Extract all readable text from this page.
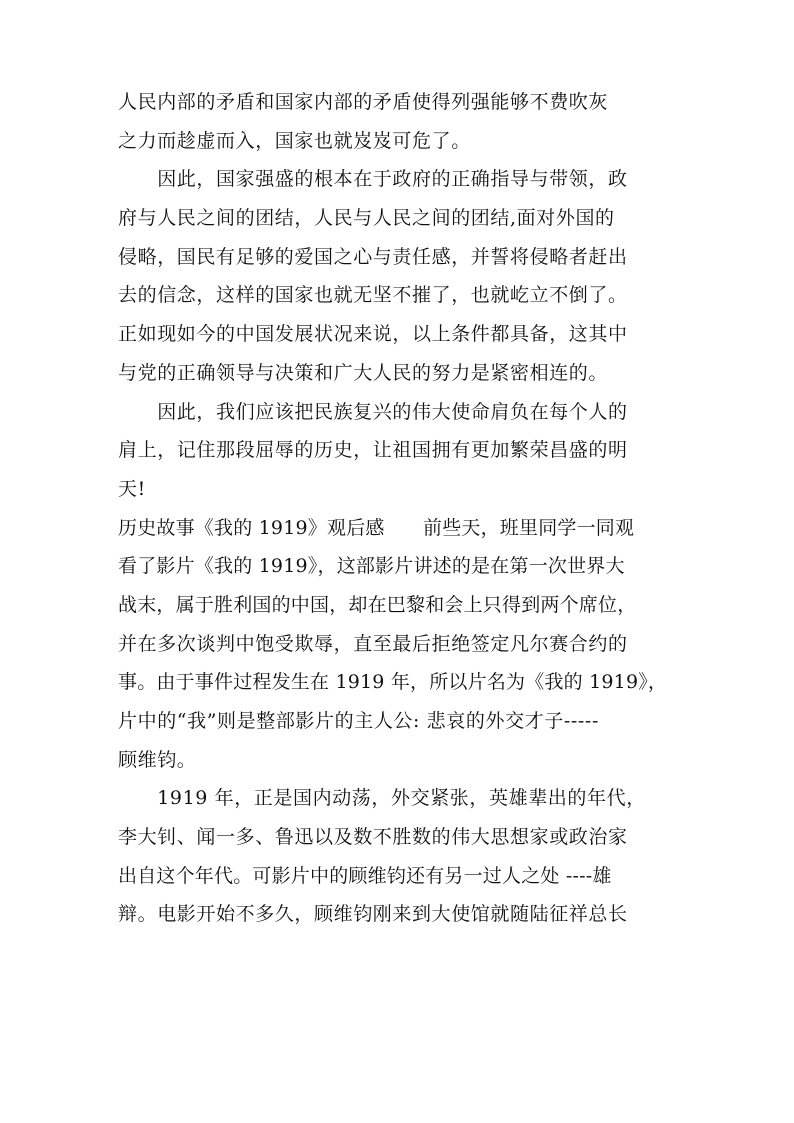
人民内部的矛盾和国家内部的矛盾使得列强能够不费吹灰
之力而趁虚而入，国家也就岌岌可危了。
　　因此，国家强盛的根本在于政府的正确指导与带领，政
府与人民之间的团结，人民与人民之间的团结,面对外国的
侵略，国民有足够的爱国之心与责任感，并誓将侵略者赶出
去的信念，这样的国家也就无坚不摧了，也就屹立不倒了。
正如现如今的中国发展状况来说，以上条件都具备，这其中
与党的正确领导与决策和广大人民的努力是紧密相连的。
　　因此，我们应该把民族复兴的伟大使命肩负在每个人的
肩上，记住那段屈辱的历史，让祖国拥有更加繁荣昌盛的明
天!
历史故事《我的 1919》观后感　　前些天，班里同学一同观
看了影片《我的 1919》，这部影片讲述的是在第一次世界大
战末，属于胜利国的中国，却在巴黎和会上只得到两个席位，
并在多次谈判中饱受欺辱，直至最后拒绝签定凡尔赛合约的
事。由于事件过程发生在 1919 年，所以片名为《我的 1919》，
片中的“我”则是整部影片的主人公: 悲哀的外交才子-----
顾维钧。
　　1919 年，正是国内动荡，外交紧张，英雄辈出的年代，
李大钊、闻一多、鲁迅以及数不胜数的伟大思想家或政治家
出自这个年代。可影片中的顾维钧还有另一过人之处 ----雄
辩。电影开始不多久，顾维钧刚来到大使馆就随陆征祥总长
